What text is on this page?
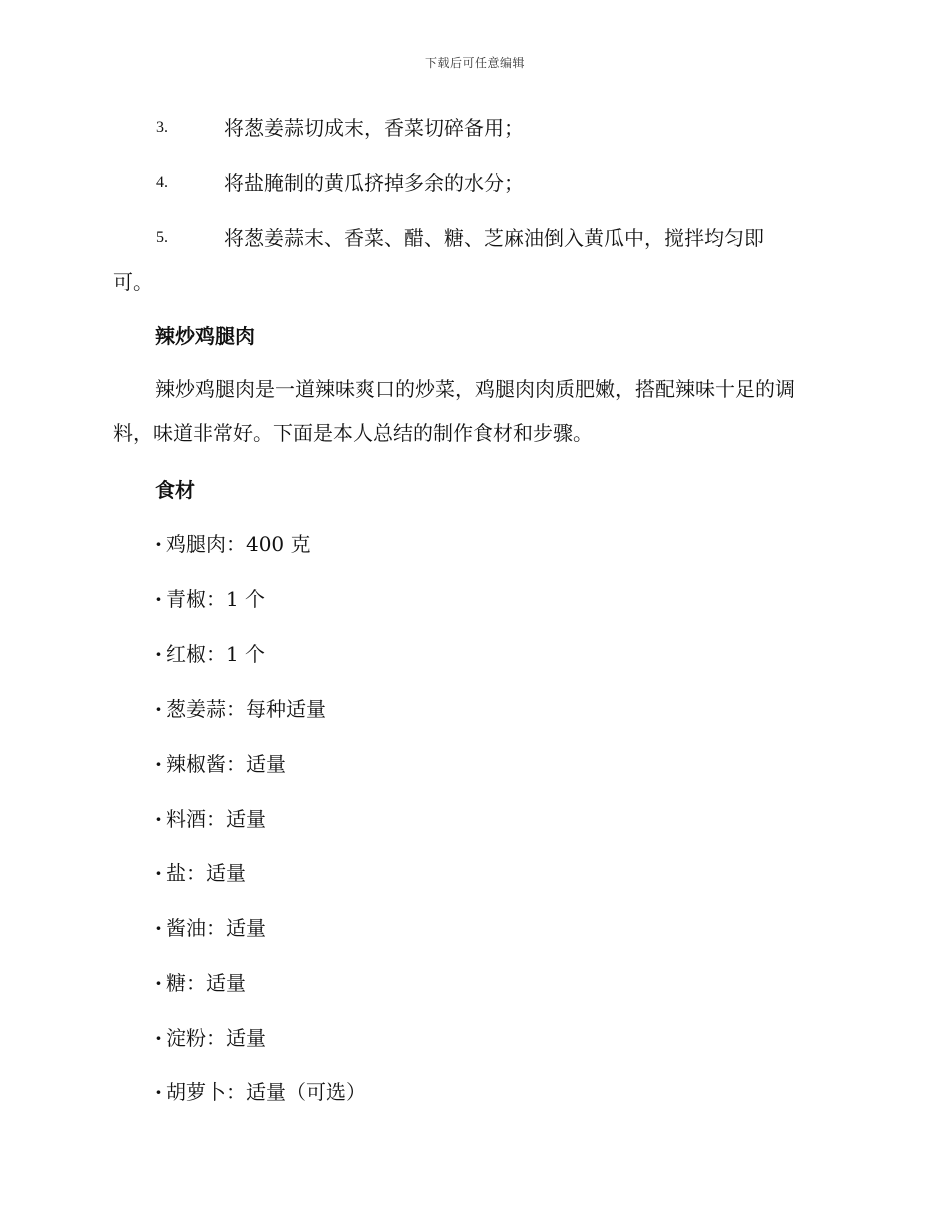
下载后可任意编辑
3.	将葱姜蒜切成末，香菜切碎备用；
4.	将盐腌制的黄瓜挤掉多余的水分；
5.	将葱姜蒜末、香菜、醋、糖、芝麻油倒入黄瓜中，搅拌均匀即
可。
辣炒鸡腿肉
辣炒鸡腿肉是一道辣味爽口的炒菜，鸡腿肉肉质肥嫩，搭配辣味十足的调料，味道非常好。下面是本人总结的制作食材和步骤。
食材
· 鸡腿肉：400 克
· 青椒：1 个
· 红椒：1 个
· 葱姜蒜：每种适量
· 辣椒酱：适量
· 料酒：适量
· 盐：适量
· 酱油：适量
· 糖：适量
· 淀粉：适量
· 胡萝卜：适量（可选）
